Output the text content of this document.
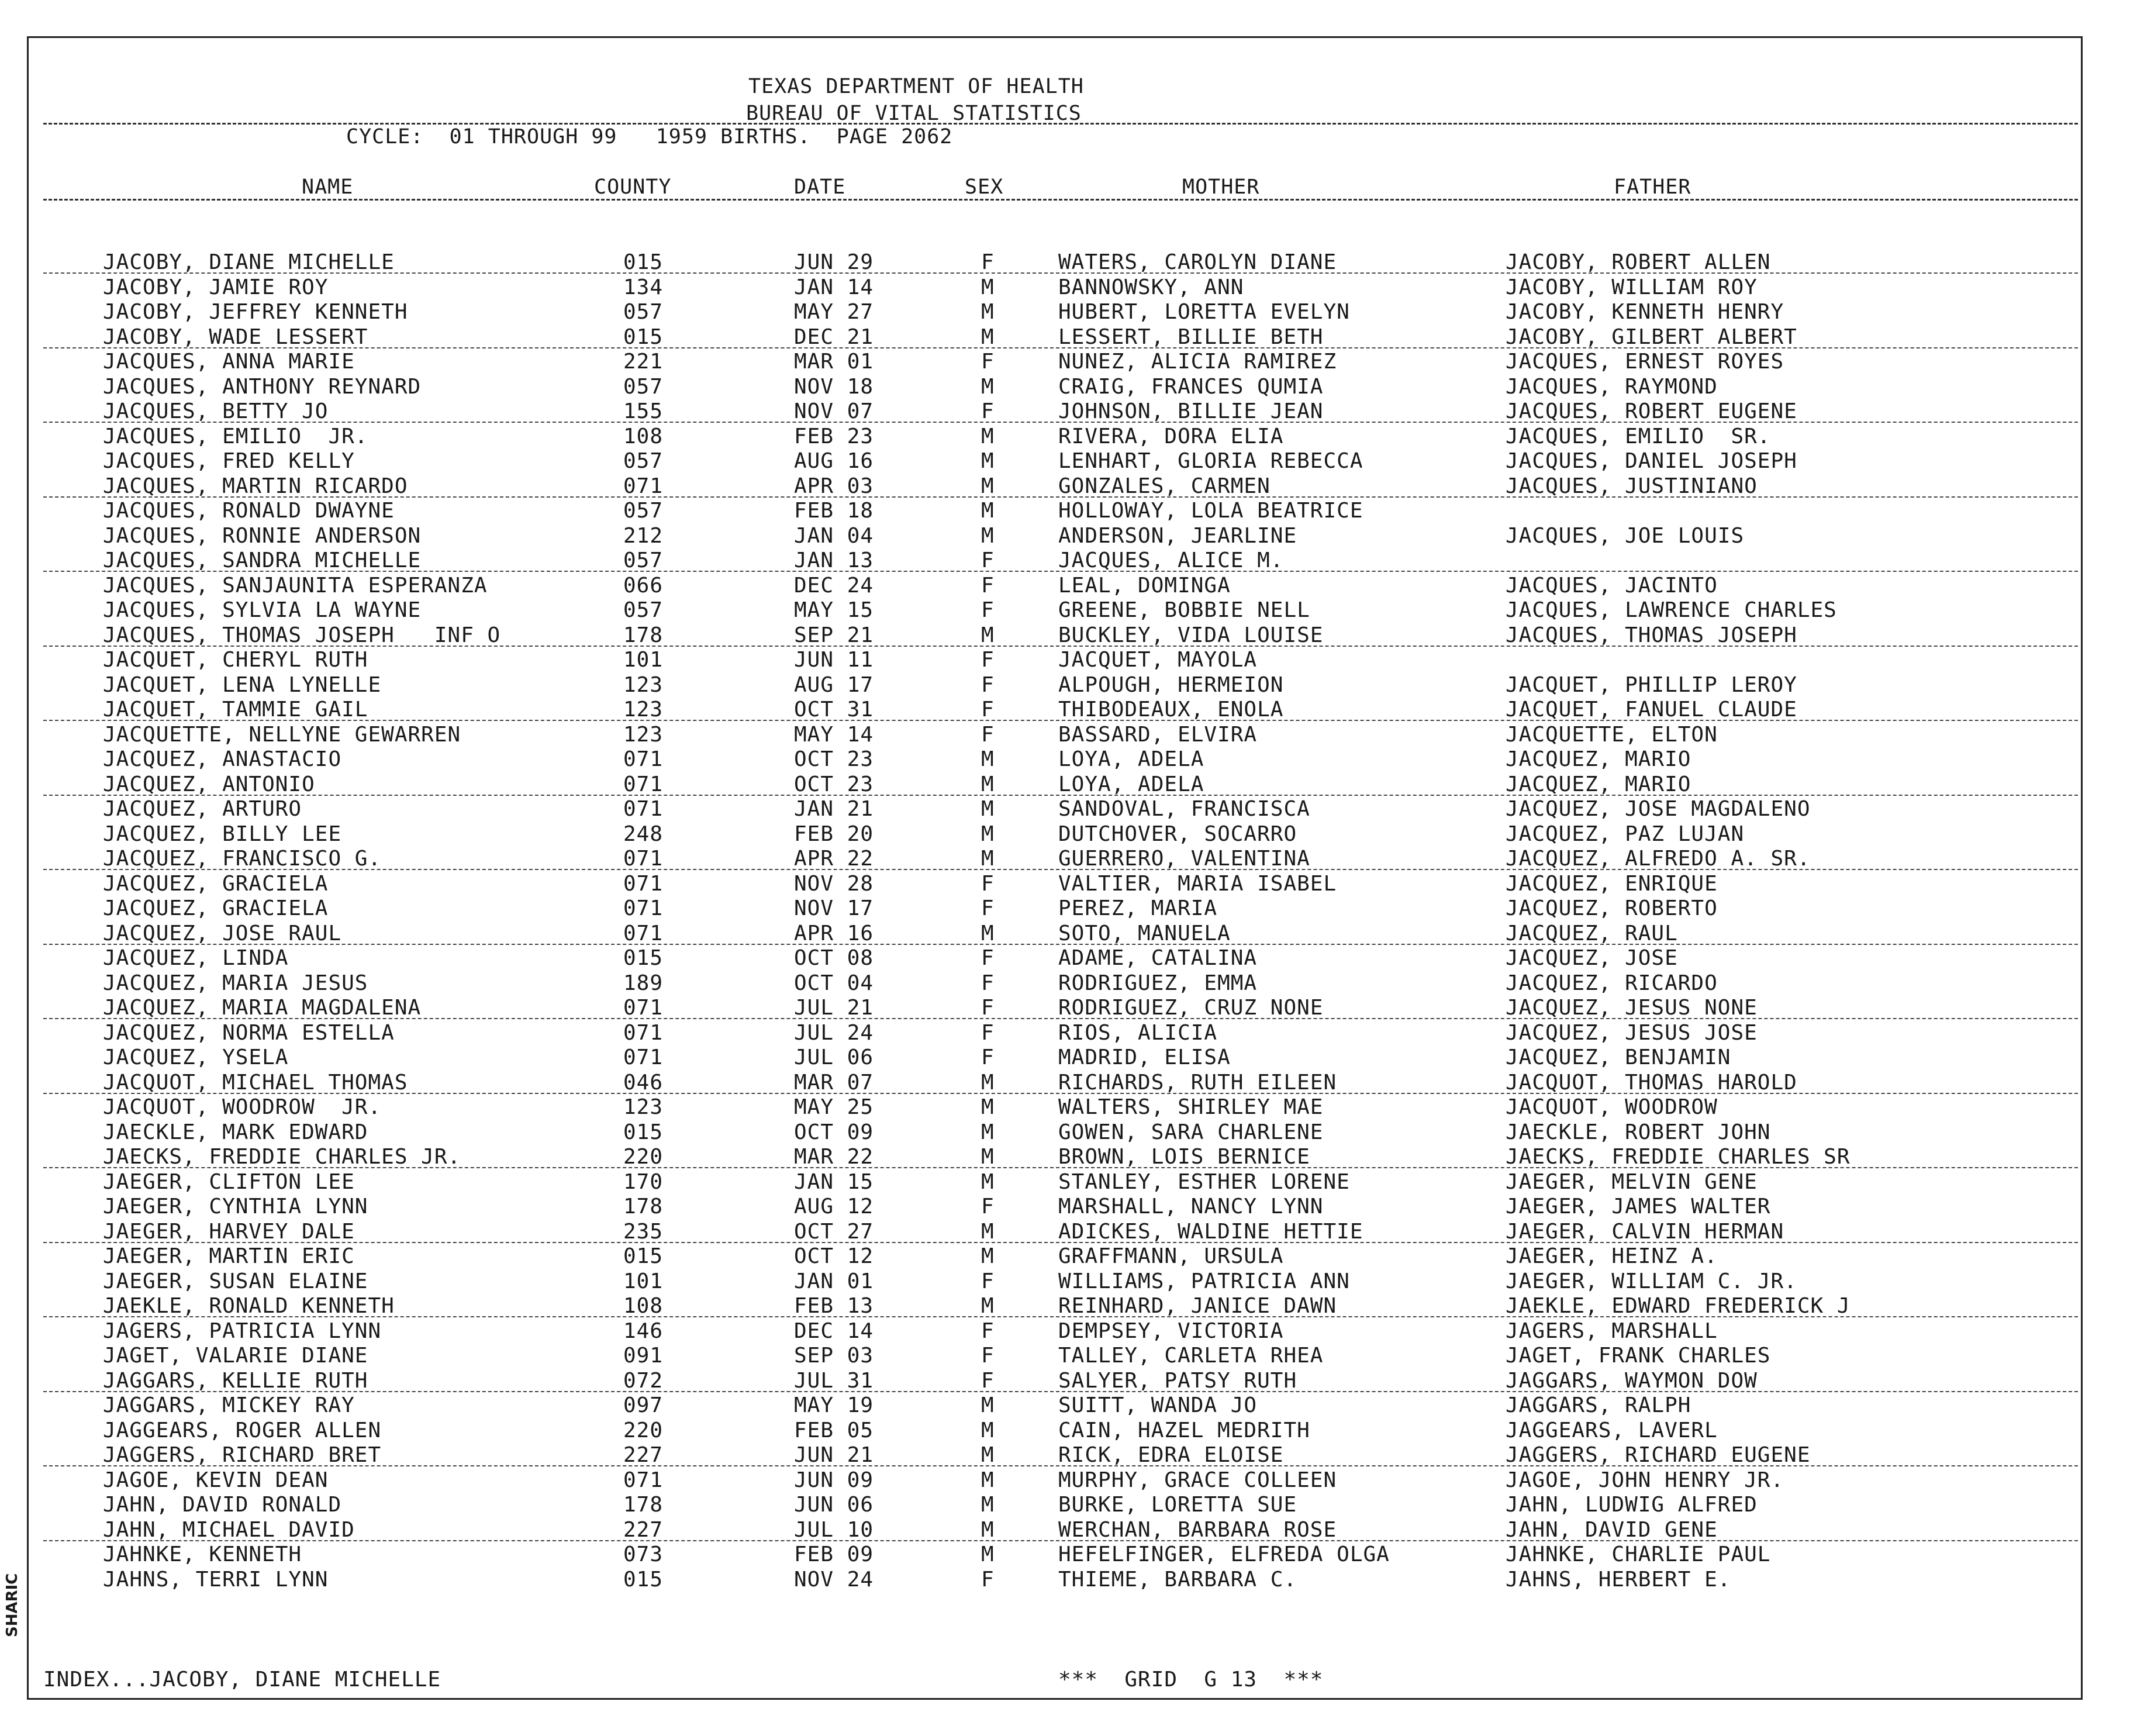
TEXAS DEPARTMENT OF HEALTH
BUREAU OF VITAL STATISTICS
CYCLE:  01 THROUGH 99   1959 BIRTHS.  PAGE 2062
NAME	COUNTY	DATE	SEX	MOTHER	FATHER
JACOBY, DIANE MICHELLE	015	JUN 29	F	WATERS, CAROLYN DIANE	JACOBY, ROBERT ALLEN
JACOBY, JAMIE ROY	134	JAN 14	M	BANNOWSKY, ANN	JACOBY, WILLIAM ROY
JACOBY, JEFFREY KENNETH	057	MAY 27	M	HUBERT, LORETTA EVELYN	JACOBY, KENNETH HENRY
JACOBY, WADE LESSERT	015	DEC 21	M	LESSERT, BILLIE BETH	JACOBY, GILBERT ALBERT
JACQUES, ANNA MARIE	221	MAR 01	F	NUNEZ, ALICIA RAMIREZ	JACQUES, ERNEST ROYES
JACQUES, ANTHONY REYNARD	057	NOV 18	M	CRAIG, FRANCES QUMIA	JACQUES, RAYMOND
JACQUES, BETTY JO	155	NOV 07	F	JOHNSON, BILLIE JEAN	JACQUES, ROBERT EUGENE
JACQUES, EMILIO  JR.	108	FEB 23	M	RIVERA, DORA ELIA	JACQUES, EMILIO  SR.
JACQUES, FRED KELLY	057	AUG 16	M	LENHART, GLORIA REBECCA	JACQUES, DANIEL JOSEPH
JACQUES, MARTIN RICARDO	071	APR 03	M	GONZALES, CARMEN	JACQUES, JUSTINIANO
JACQUES, RONALD DWAYNE	057	FEB 18	M	HOLLOWAY, LOLA BEATRICE
JACQUES, RONNIE ANDERSON	212	JAN 04	M	ANDERSON, JEARLINE	JACQUES, JOE LOUIS
JACQUES, SANDRA MICHELLE	057	JAN 13	F	JACQUES, ALICE M.
JACQUES, SANJAUNITA ESPERANZA	066	DEC 24	F	LEAL, DOMINGA	JACQUES, JACINTO
JACQUES, SYLVIA LA WAYNE	057	MAY 15	F	GREENE, BOBBIE NELL	JACQUES, LAWRENCE CHARLES
JACQUES, THOMAS JOSEPH   INF O	178	SEP 21	M	BUCKLEY, VIDA LOUISE	JACQUES, THOMAS JOSEPH
JACQUET, CHERYL RUTH	101	JUN 11	F	JACQUET, MAYOLA
JACQUET, LENA LYNELLE	123	AUG 17	F	ALPOUGH, HERMEION	JACQUET, PHILLIP LEROY
JACQUET, TAMMIE GAIL	123	OCT 31	F	THIBODEAUX, ENOLA	JACQUET, FANUEL CLAUDE
JACQUETTE, NELLYNE GEWARREN	123	MAY 14	F	BASSARD, ELVIRA	JACQUETTE, ELTON
JACQUEZ, ANASTACIO	071	OCT 23	M	LOYA, ADELA	JACQUEZ, MARIO
JACQUEZ, ANTONIO	071	OCT 23	M	LOYA, ADELA	JACQUEZ, MARIO
JACQUEZ, ARTURO	071	JAN 21	M	SANDOVAL, FRANCISCA	JACQUEZ, JOSE MAGDALENO
JACQUEZ, BILLY LEE	248	FEB 20	M	DUTCHOVER, SOCARRO	JACQUEZ, PAZ LUJAN
JACQUEZ, FRANCISCO G.	071	APR 22	M	GUERRERO, VALENTINA	JACQUEZ, ALFREDO A. SR.
JACQUEZ, GRACIELA	071	NOV 28	F	VALTIER, MARIA ISABEL	JACQUEZ, ENRIQUE
JACQUEZ, GRACIELA	071	NOV 17	F	PEREZ, MARIA	JACQUEZ, ROBERTO
JACQUEZ, JOSE RAUL	071	APR 16	M	SOTO, MANUELA	JACQUEZ, RAUL
JACQUEZ, LINDA	015	OCT 08	F	ADAME, CATALINA	JACQUEZ, JOSE
JACQUEZ, MARIA JESUS	189	OCT 04	F	RODRIGUEZ, EMMA	JACQUEZ, RICARDO
JACQUEZ, MARIA MAGDALENA	071	JUL 21	F	RODRIGUEZ, CRUZ NONE	JACQUEZ, JESUS NONE
JACQUEZ, NORMA ESTELLA	071	JUL 24	F	RIOS, ALICIA	JACQUEZ, JESUS JOSE
JACQUEZ, YSELA	071	JUL 06	F	MADRID, ELISA	JACQUEZ, BENJAMIN
JACQUOT, MICHAEL THOMAS	046	MAR 07	M	RICHARDS, RUTH EILEEN	JACQUOT, THOMAS HAROLD
JACQUOT, WOODROW  JR.	123	MAY 25	M	WALTERS, SHIRLEY MAE	JACQUOT, WOODROW
JAECKLE, MARK EDWARD	015	OCT 09	M	GOWEN, SARA CHARLENE	JAECKLE, ROBERT JOHN
JAECKS, FREDDIE CHARLES JR.	220	MAR 22	M	BROWN, LOIS BERNICE	JAECKS, FREDDIE CHARLES SR
JAEGER, CLIFTON LEE	170	JAN 15	M	STANLEY, ESTHER LORENE	JAEGER, MELVIN GENE
JAEGER, CYNTHIA LYNN	178	AUG 12	F	MARSHALL, NANCY LYNN	JAEGER, JAMES WALTER
JAEGER, HARVEY DALE	235	OCT 27	M	ADICKES, WALDINE HETTIE	JAEGER, CALVIN HERMAN
JAEGER, MARTIN ERIC	015	OCT 12	M	GRAFFMANN, URSULA	JAEGER, HEINZ A.
JAEGER, SUSAN ELAINE	101	JAN 01	F	WILLIAMS, PATRICIA ANN	JAEGER, WILLIAM C. JR.
JAEKLE, RONALD KENNETH	108	FEB 13	M	REINHARD, JANICE DAWN	JAEKLE, EDWARD FREDERICK J
JAGERS, PATRICIA LYNN	146	DEC 14	F	DEMPSEY, VICTORIA	JAGERS, MARSHALL
JAGET, VALARIE DIANE	091	SEP 03	F	TALLEY, CARLETA RHEA	JAGET, FRANK CHARLES
JAGGARS, KELLIE RUTH	072	JUL 31	F	SALYER, PATSY RUTH	JAGGARS, WAYMON DOW
JAGGARS, MICKEY RAY	097	MAY 19	M	SUITT, WANDA JO	JAGGARS, RALPH
JAGGEARS, ROGER ALLEN	220	FEB 05	M	CAIN, HAZEL MEDRITH	JAGGEARS, LAVERL
JAGGERS, RICHARD BRET	227	JUN 21	M	RICK, EDRA ELOISE	JAGGERS, RICHARD EUGENE
JAGOE, KEVIN DEAN	071	JUN 09	M	MURPHY, GRACE COLLEEN	JAGOE, JOHN HENRY JR.
JAHN, DAVID RONALD	178	JUN 06	M	BURKE, LORETTA SUE	JAHN, LUDWIG ALFRED
JAHN, MICHAEL DAVID	227	JUL 10	M	WERCHAN, BARBARA ROSE	JAHN, DAVID GENE
JAHNKE, KENNETH	073	FEB 09	M	HEFELFINGER, ELFREDA OLGA	JAHNKE, CHARLIE PAUL
JAHNS, TERRI LYNN	015	NOV 24	F	THIEME, BARBARA C.	JAHNS, HERBERT E.
INDEX...JACOBY, DIANE MICHELLE	***  GRID  G 13  ***
SHARIC
